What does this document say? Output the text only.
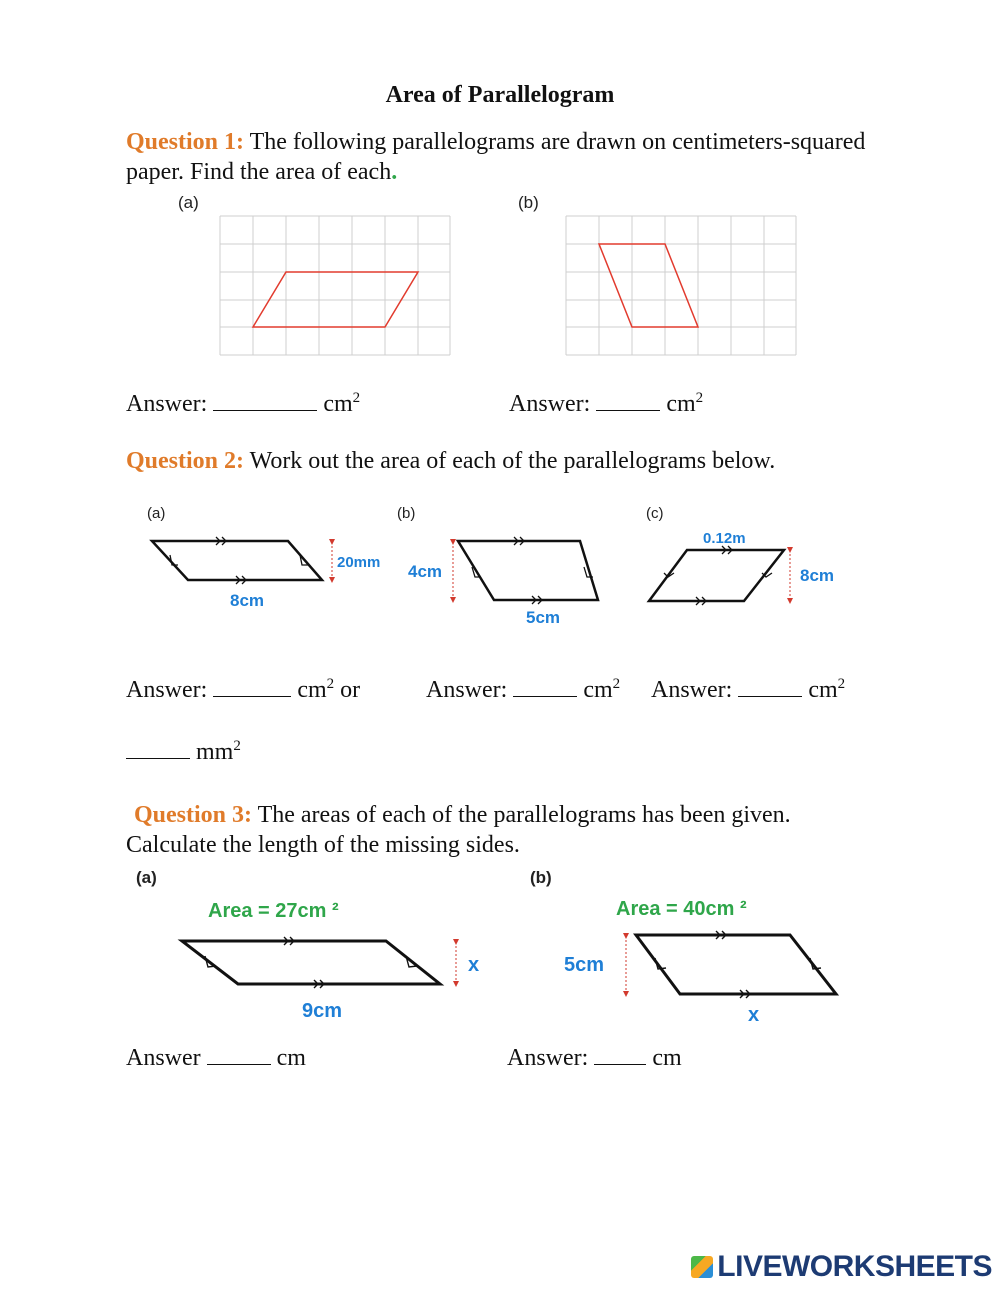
Area of Parallelogram
Question 1: The following parallelograms are drawn on centimeters-squared paper. Find the area of each.
(a)	(b)
Answer:	$cm^2$	Answer:	$cm^2$
Question 2: Work out the area of each of the parallelograms below.
(a)	(b)	(c)
20mm
8cm
4cm
5cm
0.12m
8cm
Answer:	$cm^2$ or	Answer:	$cm^2$ Answer:	$cm^2$
$mm^2$
Question 3: The areas of each of the parallelograms has been given. Calculate the length of the missing sides.
(a)	(b)
Area = 27cm ²
x
9cm
Area = 40cm ²
5cm
x
Answer	cm	Answer:	cm
LIVEWORKSHEETS
